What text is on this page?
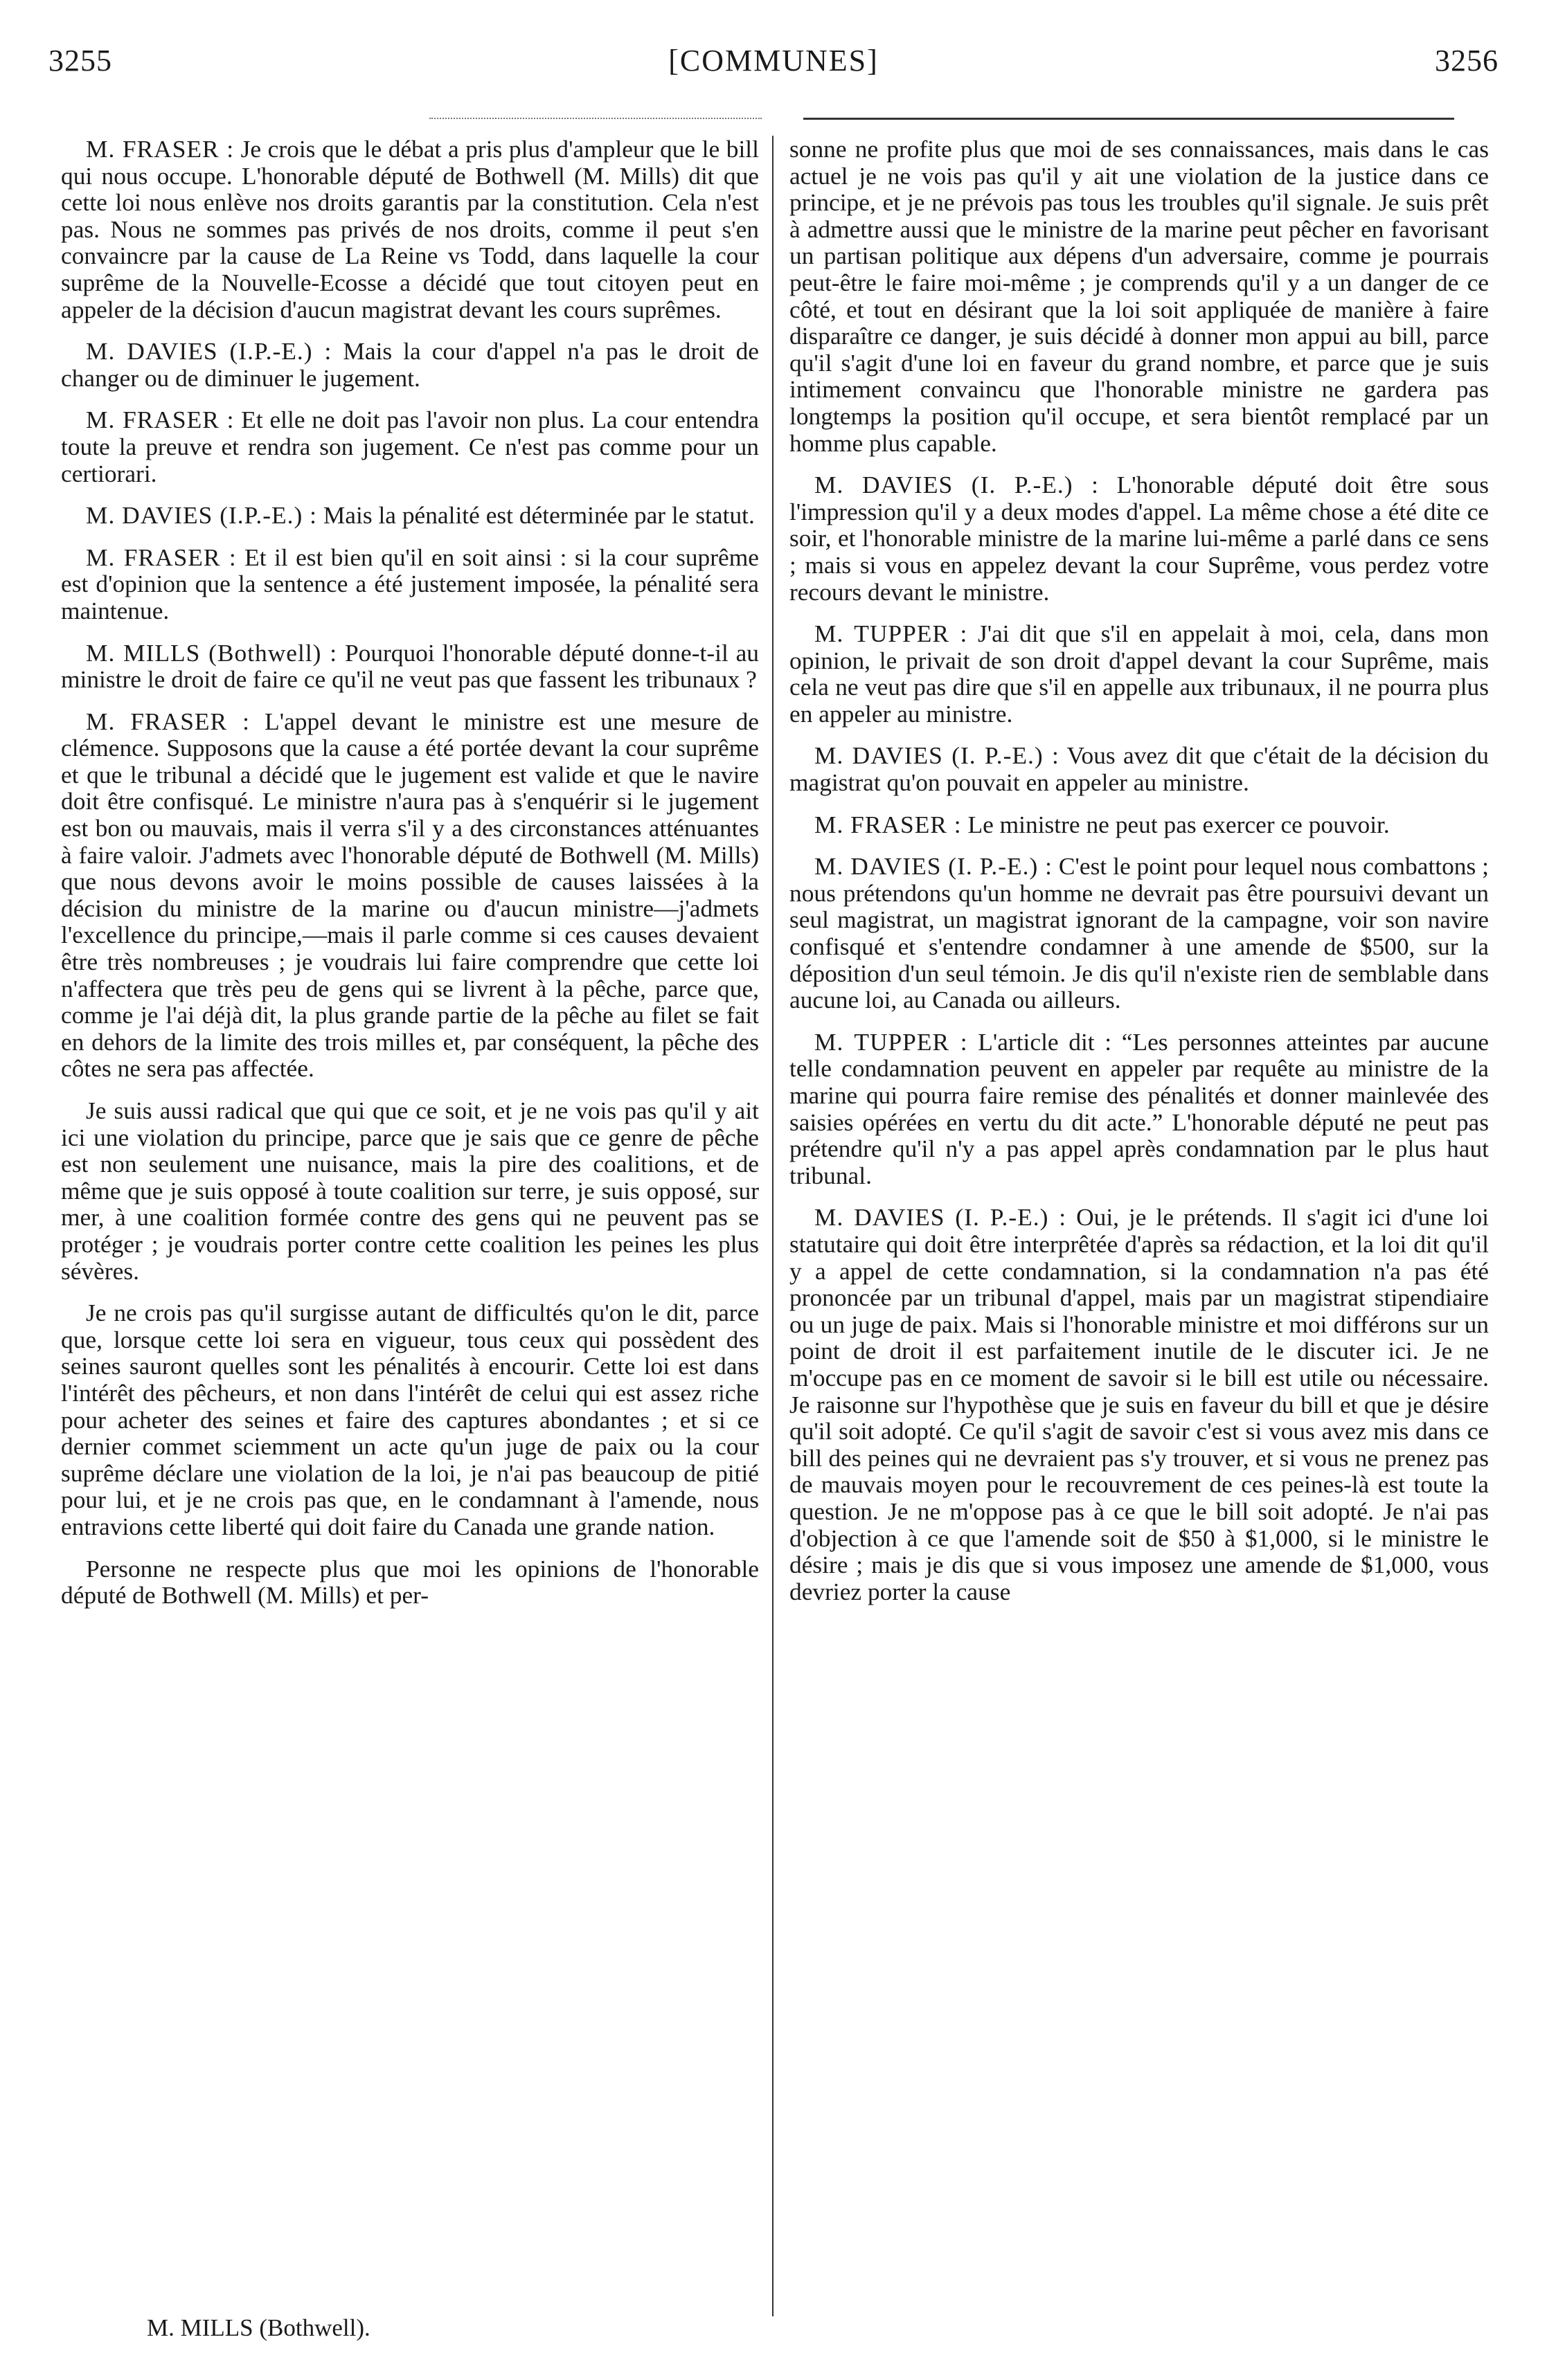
3255	[COMMUNES]	3256

M. FRASER : Je crois que le débat a pris plus d'ampleur que le bill qui nous occupe. L'honorable député de Bothwell (M. Mills) dit que cette loi nous enlève nos droits garantis par la constitution. Cela n'est pas. Nous ne sommes pas privés de nos droits, comme il peut s'en convaincre par la cause de La Reine vs Todd, dans laquelle la cour suprême de la Nouvelle-Ecosse a décidé que tout citoyen peut en appeler de la décision d'aucun magistrat devant les cours suprêmes.

M. DAVIES (I.P.-E.) : Mais la cour d'appel n'a pas le droit de changer ou de diminuer le jugement.

M. FRASER : Et elle ne doit pas l'avoir non plus. La cour entendra toute la preuve et rendra son jugement. Ce n'est pas comme pour un certiorari.

M. DAVIES (I.P.-E.) : Mais la pénalité est déterminée par le statut.

M. FRASER : Et il est bien qu'il en soit ainsi : si la cour suprême est d'opinion que la sentence a été justement imposée, la pénalité sera maintenue.

M. MILLS (Bothwell) : Pourquoi l'honorable député donne-t-il au ministre le droit de faire ce qu'il ne veut pas que fassent les tribunaux ?

M. FRASER : L'appel devant le ministre est une mesure de clémence. Supposons que la cause a été portée devant la cour suprême et que le tribunal a décidé que le jugement est valide et que le navire doit être confisqué. Le ministre n'aura pas à s'enquérir si le jugement est bon ou mauvais, mais il verra s'il y a des circonstances atténuantes à faire valoir. J'admets avec l'honorable député de Bothwell (M. Mills) que nous devons avoir le moins possible de causes laissées à la décision du ministre de la marine ou d'aucun ministre—j'admets l'excellence du principe,—mais il parle comme si ces causes devaient être très nombreuses ; je voudrais lui faire comprendre que cette loi n'affectera que très peu de gens qui se livrent à la pêche, parce que, comme je l'ai déjà dit, la plus grande partie de la pêche au filet se fait en dehors de la limite des trois milles et, par conséquent, la pêche des côtes ne sera pas affectée.

Je suis aussi radical que qui que ce soit, et je ne vois pas qu'il y ait ici une violation du principe, parce que je sais que ce genre de pêche est non seulement une nuisance, mais la pire des coalitions, et de même que je suis opposé à toute coalition sur terre, je suis opposé, sur mer, à une coalition formée contre des gens qui ne peuvent pas se protéger ; je voudrais porter contre cette coalition les peines les plus sévères.

Je ne crois pas qu'il surgisse autant de difficultés qu'on le dit, parce que, lorsque cette loi sera en vigueur, tous ceux qui possèdent des seines sauront quelles sont les pénalités à encourir. Cette loi est dans l'intérêt des pêcheurs, et non dans l'intérêt de celui qui est assez riche pour acheter des seines et faire des captures abondantes ; et si ce dernier commet sciemment un acte qu'un juge de paix ou la cour suprême déclare une violation de la loi, je n'ai pas beaucoup de pitié pour lui, et je ne crois pas que, en le condamnant à l'amende, nous entravions cette liberté qui doit faire du Canada une grande nation.

Personne ne respecte plus que moi les opinions de l'honorable député de Bothwell (M. Mills) et per-

M. MILLS (Bothwell).

sonne ne profite plus que moi de ses connaissances, mais dans le cas actuel je ne vois pas qu'il y ait une violation de la justice dans ce principe, et je ne prévois pas tous les troubles qu'il signale. Je suis prêt à admettre aussi que le ministre de la marine peut pêcher en favorisant un partisan politique aux dépens d'un adversaire, comme je pourrais peut-être le faire moi-même ; je comprends qu'il y a un danger de ce côté, et tout en désirant que la loi soit appliquée de manière à faire disparaître ce danger, je suis décidé à donner mon appui au bill, parce qu'il s'agit d'une loi en faveur du grand nombre, et parce que je suis intimement convaincu que l'honorable ministre ne gardera pas longtemps la position qu'il occupe, et sera bientôt remplacé par un homme plus capable.

M. DAVIES (I. P.-E.) : L'honorable député doit être sous l'impression qu'il y a deux modes d'appel. La même chose a été dite ce soir, et l'honorable ministre de la marine lui-même a parlé dans ce sens ; mais si vous en appelez devant la cour Suprême, vous perdez votre recours devant le ministre.

M. TUPPER : J'ai dit que s'il en appelait à moi, cela, dans mon opinion, le privait de son droit d'appel devant la cour Suprême, mais cela ne veut pas dire que s'il en appelle aux tribunaux, il ne pourra plus en appeler au ministre.

M. DAVIES (I. P.-E.) : Vous avez dit que c'était de la décision du magistrat qu'on pouvait en appeler au ministre.

M. FRASER : Le ministre ne peut pas exercer ce pouvoir.

M. DAVIES (I. P.-E.) : C'est le point pour lequel nous combattons ; nous prétendons qu'un homme ne devrait pas être poursuivi devant un seul magistrat, un magistrat ignorant de la campagne, voir son navire confisqué et s'entendre condamner à une amende de $500, sur la déposition d'un seul témoin. Je dis qu'il n'existe rien de semblable dans aucune loi, au Canada ou ailleurs.

M. TUPPER : L'article dit : “Les personnes atteintes par aucune telle condamnation peuvent en appeler par requête au ministre de la marine qui pourra faire remise des pénalités et donner mainlevée des saisies opérées en vertu du dit acte.” L'honorable député ne peut pas prétendre qu'il n'y a pas appel après condamnation par le plus haut tribunal.

M. DAVIES (I. P.-E.) : Oui, je le prétends. Il s'agit ici d'une loi statutaire qui doit être interprêtée d'après sa rédaction, et la loi dit qu'il y a appel de cette condamnation, si la condamnation n'a pas été prononcée par un tribunal d'appel, mais par un magistrat stipendiaire ou un juge de paix. Mais si l'honorable ministre et moi différons sur un point de droit il est parfaitement inutile de le discuter ici. Je ne m'occupe pas en ce moment de savoir si le bill est utile ou nécessaire. Je raisonne sur l'hypothèse que je suis en faveur du bill et que je désire qu'il soit adopté. Ce qu'il s'agit de savoir c'est si vous avez mis dans ce bill des peines qui ne devraient pas s'y trouver, et si vous ne prenez pas de mauvais moyen pour le recouvrement de ces peines-là est toute la question. Je ne m'oppose pas à ce que le bill soit adopté. Je n'ai pas d'objection à ce que l'amende soit de $50 à $1,000, si le ministre le désire ; mais je dis que si vous imposez une amende de $1,000, vous devriez porter la cause
